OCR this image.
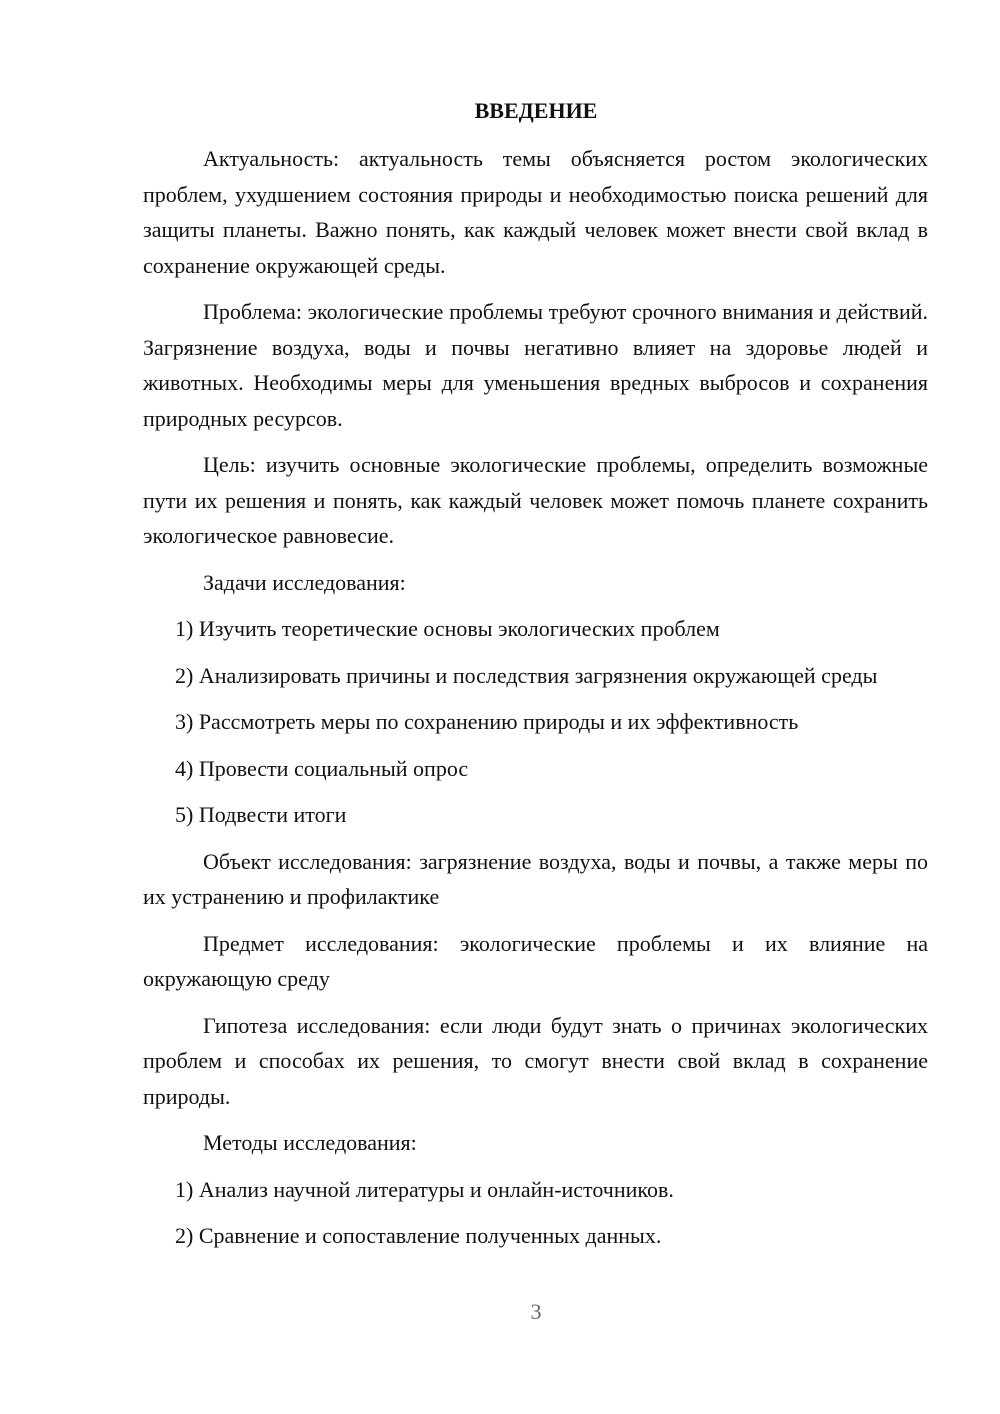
ВВЕДЕНИЕ

Актуальность: актуальность темы объясняется ростом экологических проблем, ухудшением состояния природы и необходимостью поиска решений для защиты планеты. Важно понять, как каждый человек может внести свой вклад в сохранение окружающей среды.

Проблема: экологические проблемы требуют срочного внимания и действий. Загрязнение воздуха, воды и почвы негативно влияет на здоровье людей и животных. Необходимы меры для уменьшения вредных выбросов и сохранения природных ресурсов.

Цель: изучить основные экологические проблемы, определить возможные пути их решения и понять, как каждый человек может помочь планете сохранить экологическое равновесие.

Задачи исследования:

1) Изучить теоретические основы экологических проблем

2) Анализировать причины и последствия загрязнения окружающей среды

3) Рассмотреть меры по сохранению природы и их эффективность

4) Провести социальный опрос

5) Подвести итоги

Объект исследования: загрязнение воздуха, воды и почвы, а также меры по их устранению и профилактике

Предмет исследования: экологические проблемы и их влияние на окружающую среду

Гипотеза исследования: если люди будут знать о причинах экологических проблем и способах их решения, то смогут внести свой вклад в сохранение природы.

Методы исследования:

1) Анализ научной литературы и онлайн-источников.

2) Сравнение и сопоставление полученных данных.

3
